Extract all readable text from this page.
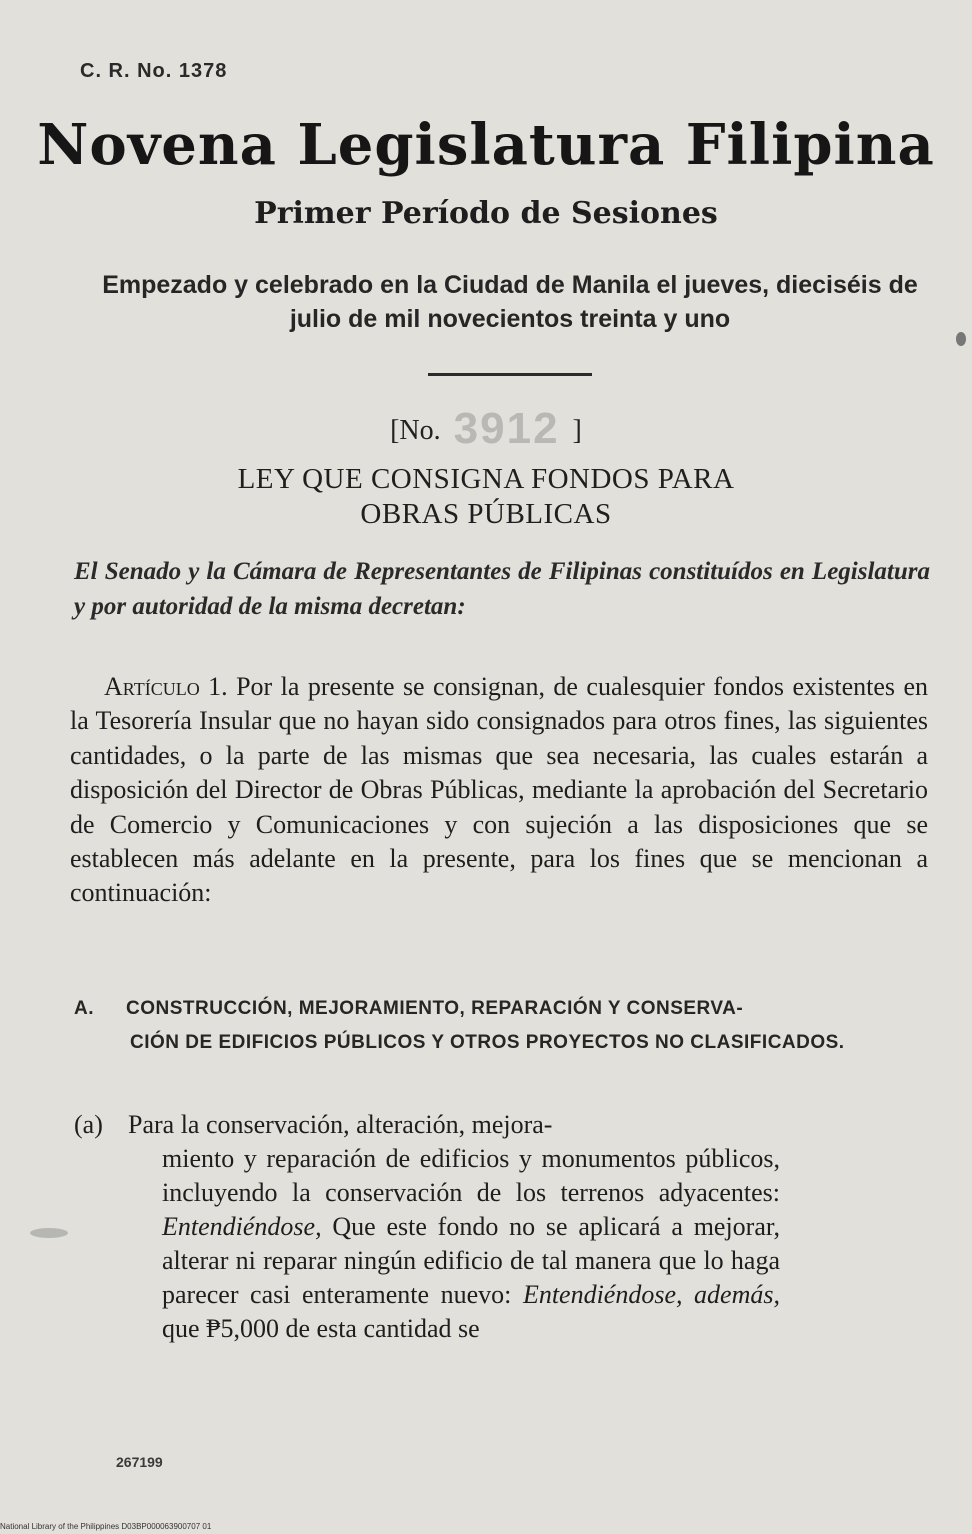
C. R. No. 1378
Novena Legislatura Filipina
Primer Período de Sesiones
Empezado y celebrado en la Ciudad de Manila el jueves, dieciséis de julio de mil novecientos treinta y uno
[No. 3912 ]
LEY QUE CONSIGNA FONDOS PARA
OBRAS PÚBLICAS
El Senado y la Cámara de Representantes de Filipinas constituídos en Legislatura y por autoridad de la misma decretan:
Artículo 1. Por la presente se consignan, de cualesquier fondos existentes en la Tesorería Insular que no hayan sido consignados para otros fines, las siguientes cantidades, o la parte de las mismas que sea necesaria, las cuales estarán a disposición del Director de Obras Públicas, mediante la aprobación del Secretario de Comercio y Comunicaciones y con sujeción a las disposiciones que se establecen más adelante en la presente, para los fines que se mencionan a continuación:
A. CONSTRUCCIÓN, MEJORAMIENTO, REPARACIÓN Y CONSERVA-
CIÓN DE EDIFICIOS PÚBLICOS Y OTROS PROYECTOS NO CLASIFICADOS.
(a) Para la conservación, alteración, mejora-
miento y reparación de edificios y monumentos públicos, incluyendo la conservación de los terrenos adyacentes: Entendiéndose, Que este fondo no se aplicará a mejorar, alterar ni reparar ningún edificio de tal manera que lo haga parecer casi enteramente nuevo: Entendiéndose, además, que ₱5,000 de esta cantidad se
267199
National Library of the Philippines D03BP000063900707 01
